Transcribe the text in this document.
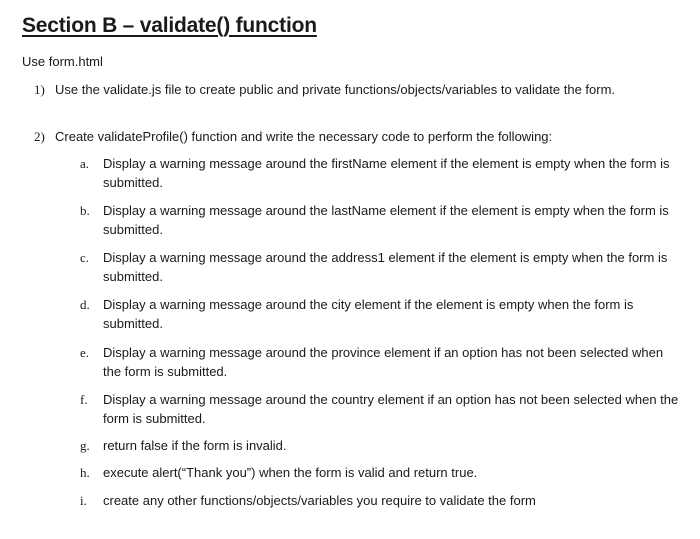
Section B – validate() function
Use form.html
1) Use the validate.js file to create public and private functions/objects/variables to validate the form.
2) Create validateProfile() function and write the necessary code to perform the following:
a. Display a warning message around the firstName element if the element is empty when the form is submitted.
b. Display a warning message around the lastName element if the element is empty when the form is submitted.
c. Display a warning message around the address1 element if the element is empty when the form is submitted.
d. Display a warning message around the city element if the element is empty when the form is submitted.
e. Display a warning message around the province element if an option has not been selected when the form is submitted.
f. Display a warning message around the country element if an option has not been selected when the form is submitted.
g. return false if the form is invalid.
h. execute alert(“Thank you”) when the form is valid and return true.
i. create any other functions/objects/variables you require to validate the form
